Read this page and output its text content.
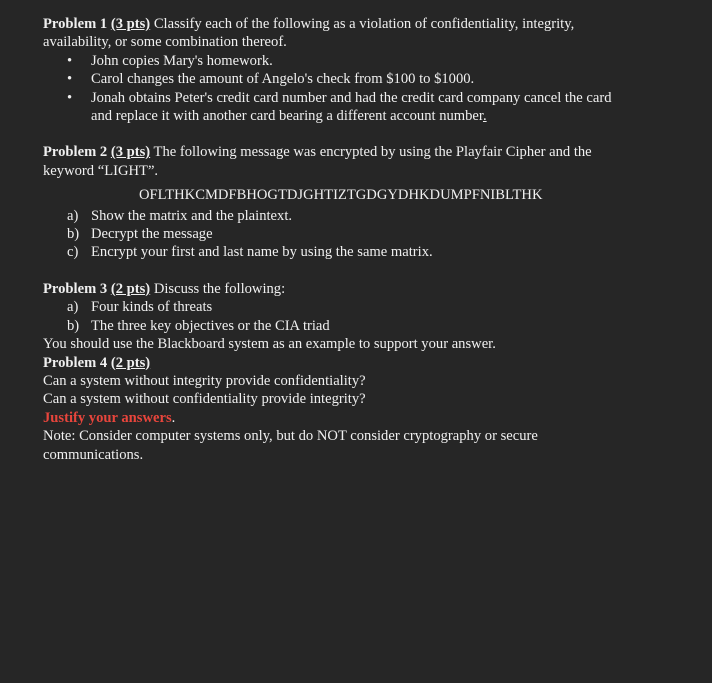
Problem 1 (3 pts) Classify each of the following as a violation of confidentiality, integrity,
availability, or some combination thereof.
• John copies Mary's homework.
• Carol changes the amount of Angelo's check from $100 to $1000.
• Jonah obtains Peter's credit card number and had the credit card company cancel the card
and replace it with another card bearing a different account number.
Problem 2 (3 pts) The following message was encrypted by using the Playfair Cipher and the
keyword “LIGHT”.
OFLTHKCMDFBHOGTDJGHTIZTGDGYDHKDUMPFNIBLTHK
a) Show the matrix and the plaintext.
b) Decrypt the message
c) Encrypt your first and last name by using the same matrix.
Problem 3 (2 pts) Discuss the following:
a) Four kinds of threats
b) The three key objectives or the CIA triad
You should use the Blackboard system as an example to support your answer.
Problem 4 (2 pts)
Can a system without integrity provide confidentiality?
Can a system without confidentiality provide integrity?
Justify your answers.
Note: Consider computer systems only, but do NOT consider cryptography or secure
communications.
